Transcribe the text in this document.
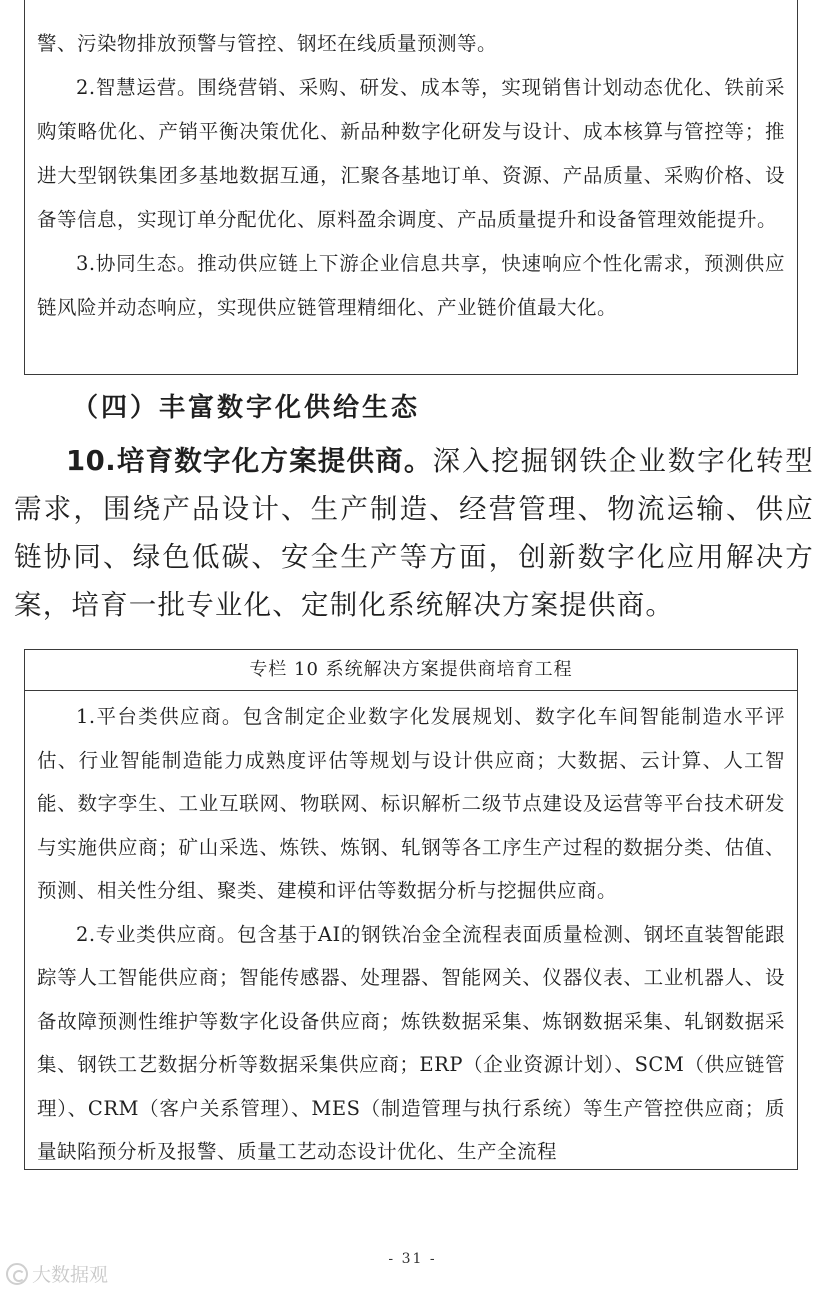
警、污染物排放预警与管控、钢坯在线质量预测等。

2.智慧运营。围绕营销、采购、研发、成本等，实现销售计划动态优化、铁前采购策略优化、产销平衡决策优化、新品种数字化研发与设计、成本核算与管控等；推进大型钢铁集团多基地数据互通，汇聚各基地订单、资源、产品质量、采购价格、设备等信息，实现订单分配优化、原料盈余调度、产品质量提升和设备管理效能提升。

3.协同生态。推动供应链上下游企业信息共享，快速响应个性化需求，预测供应链风险并动态响应，实现供应链管理精细化、产业链价值最大化。

（四）丰富数字化供给生态

10.培育数字化方案提供商。深入挖掘钢铁企业数字化转型需求，围绕产品设计、生产制造、经营管理、物流运输、供应链协同、绿色低碳、安全生产等方面，创新数字化应用解决方案，培育一批专业化、定制化系统解决方案提供商。

专栏 10 系统解决方案提供商培育工程

1.平台类供应商。包含制定企业数字化发展规划、数字化车间智能制造水平评估、行业智能制造能力成熟度评估等规划与设计供应商；大数据、云计算、人工智能、数字孪生、工业互联网、物联网、标识解析二级节点建设及运营等平台技术研发与实施供应商；矿山采选、炼铁、炼钢、轧钢等各工序生产过程的数据分类、估值、预测、相关性分组、聚类、建模和评估等数据分析与挖掘供应商。

2.专业类供应商。包含基于AI的钢铁冶金全流程表面质量检测、钢坯直装智能跟踪等人工智能供应商；智能传感器、处理器、智能网关、仪器仪表、工业机器人、设备故障预测性维护等数字化设备供应商；炼铁数据采集、炼钢数据采集、轧钢数据采集、钢铁工艺数据分析等数据采集供应商；ERP（企业资源计划）、SCM（供应链管理）、CRM（客户关系管理）、MES（制造管理与执行系统）等生产管控供应商；质量缺陷预分析及报警、质量工艺动态设计优化、生产全流程

- 31 -
大数据观
